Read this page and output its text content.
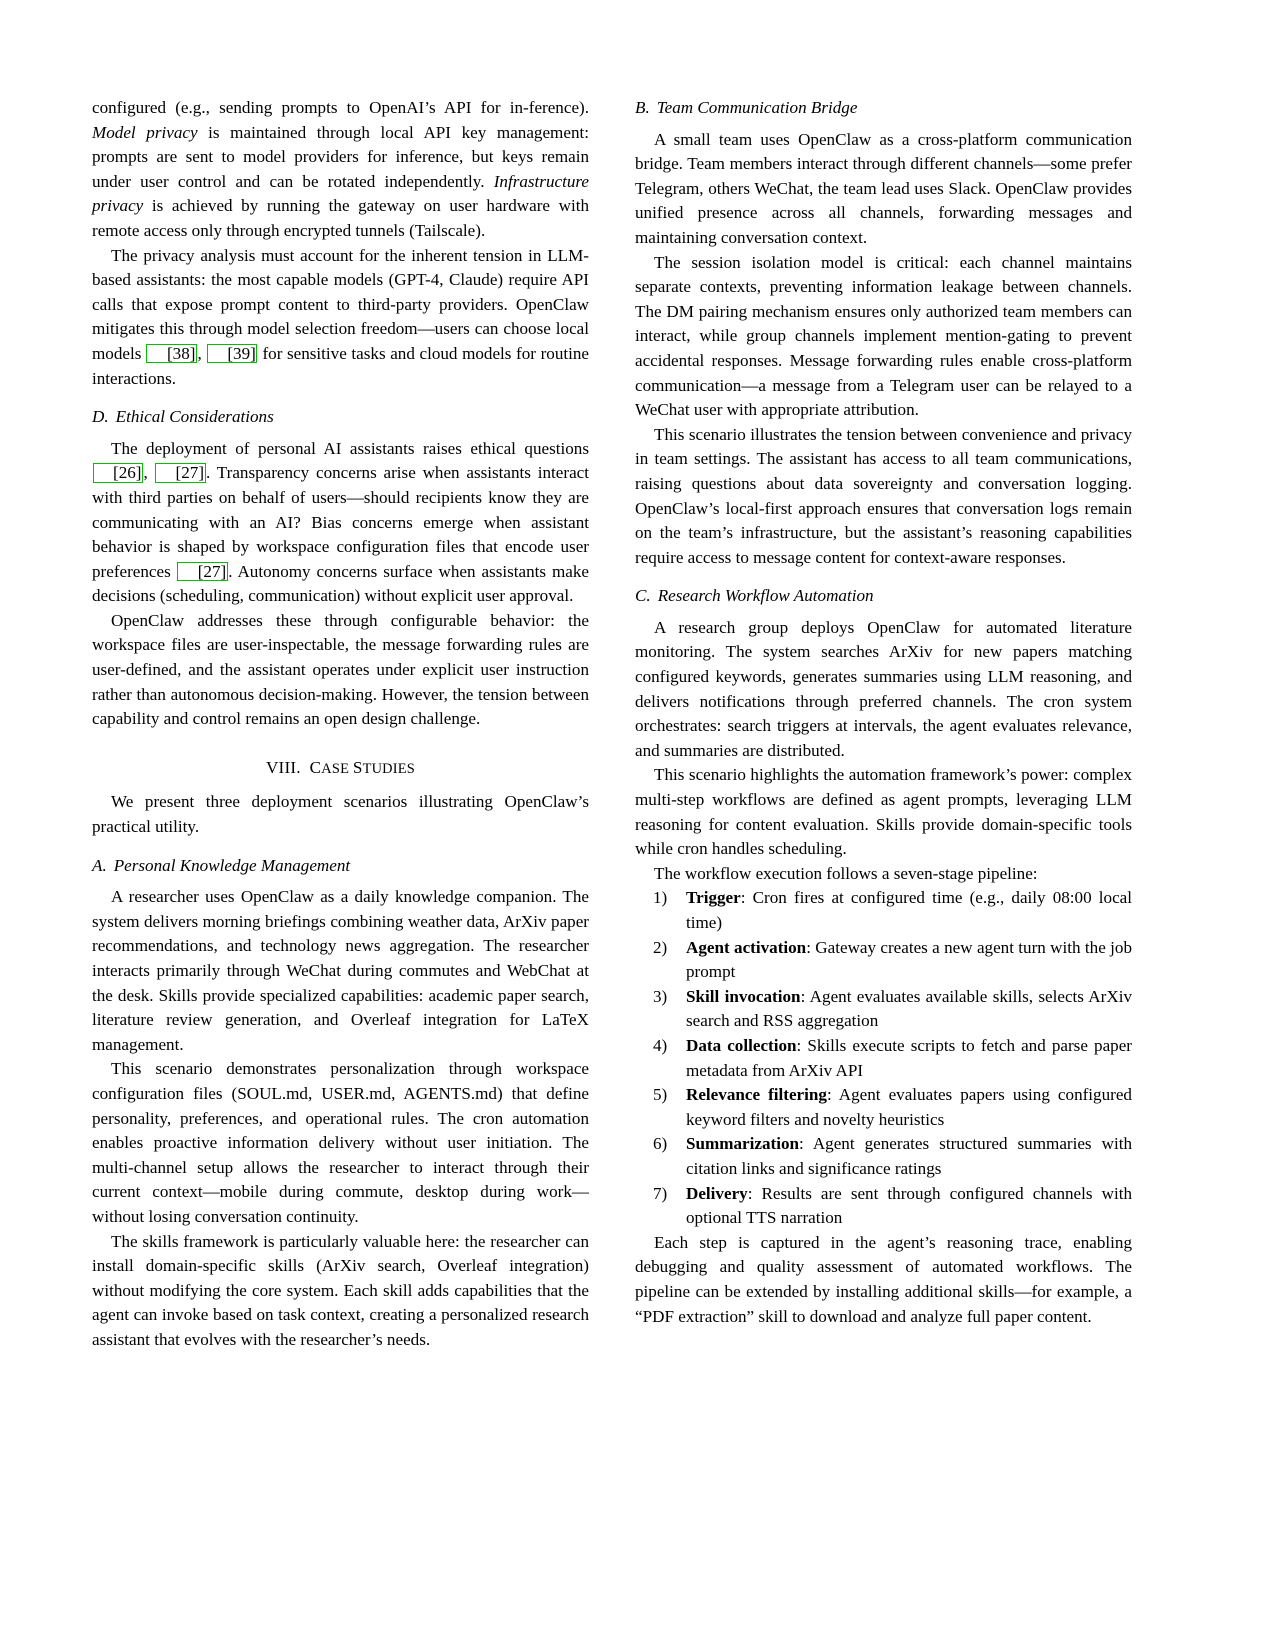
configured (e.g., sending prompts to OpenAI’s API for in-ference). Model privacy is maintained through local API key management: prompts are sent to model providers for inference, but keys remain under user control and can be rotated independently. Infrastructure privacy is achieved by running the gateway on user hardware with remote access only through encrypted tunnels (Tailscale).

The privacy analysis must account for the inherent tension in LLM-based assistants: the most capable models (GPT-4, Claude) require API calls that expose prompt content to third-party providers. OpenClaw mitigates this through model selection freedom—users can choose local models [38] , [39] for sensitive tasks and cloud models for routine interactions.

D. Ethical Considerations

The deployment of personal AI assistants raises ethical questions [26] , [27] . Transparency concerns arise when assistants interact with third parties on behalf of users—should recipients know they are communicating with an AI? Bias concerns emerge when assistant behavior is shaped by workspace configuration files that encode user preferences [27] . Autonomy concerns surface when assistants make decisions (scheduling, communication) without explicit user approval.

OpenClaw addresses these through configurable behavior: the workspace files are user-inspectable, the message forwarding rules are user-defined, and the assistant operates under explicit user instruction rather than autonomous decision-making. However, the tension between capability and control remains an open design challenge.

VIII. CASE STUDIES

We present three deployment scenarios illustrating OpenClaw’s practical utility.

A. Personal Knowledge Management

A researcher uses OpenClaw as a daily knowledge companion. The system delivers morning briefings combining weather data, ArXiv paper recommendations, and technology news aggregation. The researcher interacts primarily through WeChat during commutes and WebChat at the desk. Skills provide specialized capabilities: academic paper search, literature review generation, and Overleaf integration for LaTeX management.

This scenario demonstrates personalization through workspace configuration files (SOUL.md, USER.md, AGENTS.md) that define personality, preferences, and operational rules. The cron automation enables proactive information delivery without user initiation. The multi-channel setup allows the researcher to interact through their current context—mobile during commute, desktop during work—without losing conversation continuity.

The skills framework is particularly valuable here: the researcher can install domain-specific skills (ArXiv search, Overleaf integration) without modifying the core system. Each skill adds capabilities that the agent can invoke based on task context, creating a personalized research assistant that evolves with the researcher’s needs.

B. Team Communication Bridge

A small team uses OpenClaw as a cross-platform communication bridge. Team members interact through different channels—some prefer Telegram, others WeChat, the team lead uses Slack. OpenClaw provides unified presence across all channels, forwarding messages and maintaining conversation context.

The session isolation model is critical: each channel maintains separate contexts, preventing information leakage between channels. The DM pairing mechanism ensures only authorized team members can interact, while group channels implement mention-gating to prevent accidental responses. Message forwarding rules enable cross-platform communication—a message from a Telegram user can be relayed to a WeChat user with appropriate attribution.

This scenario illustrates the tension between convenience and privacy in team settings. The assistant has access to all team communications, raising questions about data sovereignty and conversation logging. OpenClaw’s local-first approach ensures that conversation logs remain on the team’s infrastructure, but the assistant’s reasoning capabilities require access to message content for context-aware responses.

C. Research Workflow Automation

A research group deploys OpenClaw for automated literature monitoring. The system searches ArXiv for new papers matching configured keywords, generates summaries using LLM reasoning, and delivers notifications through preferred channels. The cron system orchestrates: search triggers at intervals, the agent evaluates relevance, and summaries are distributed.

This scenario highlights the automation framework’s power: complex multi-step workflows are defined as agent prompts, leveraging LLM reasoning for content evaluation. Skills provide domain-specific tools while cron handles scheduling.

The workflow execution follows a seven-stage pipeline:

Trigger: Cron fires at configured time (e.g., daily 08:00 local time)
Agent activation: Gateway creates a new agent turn with the job prompt
Skill invocation: Agent evaluates available skills, selects ArXiv search and RSS aggregation
Data collection: Skills execute scripts to fetch and parse paper metadata from ArXiv API
Relevance filtering: Agent evaluates papers using configured keyword filters and novelty heuristics
Summarization: Agent generates structured summaries with citation links and significance ratings
Delivery: Results are sent through configured channels with optional TTS narration

Each step is captured in the agent’s reasoning trace, enabling debugging and quality assessment of automated workflows. The pipeline can be extended by installing additional skills—for example, a “PDF extraction” skill to download and analyze full paper content.
